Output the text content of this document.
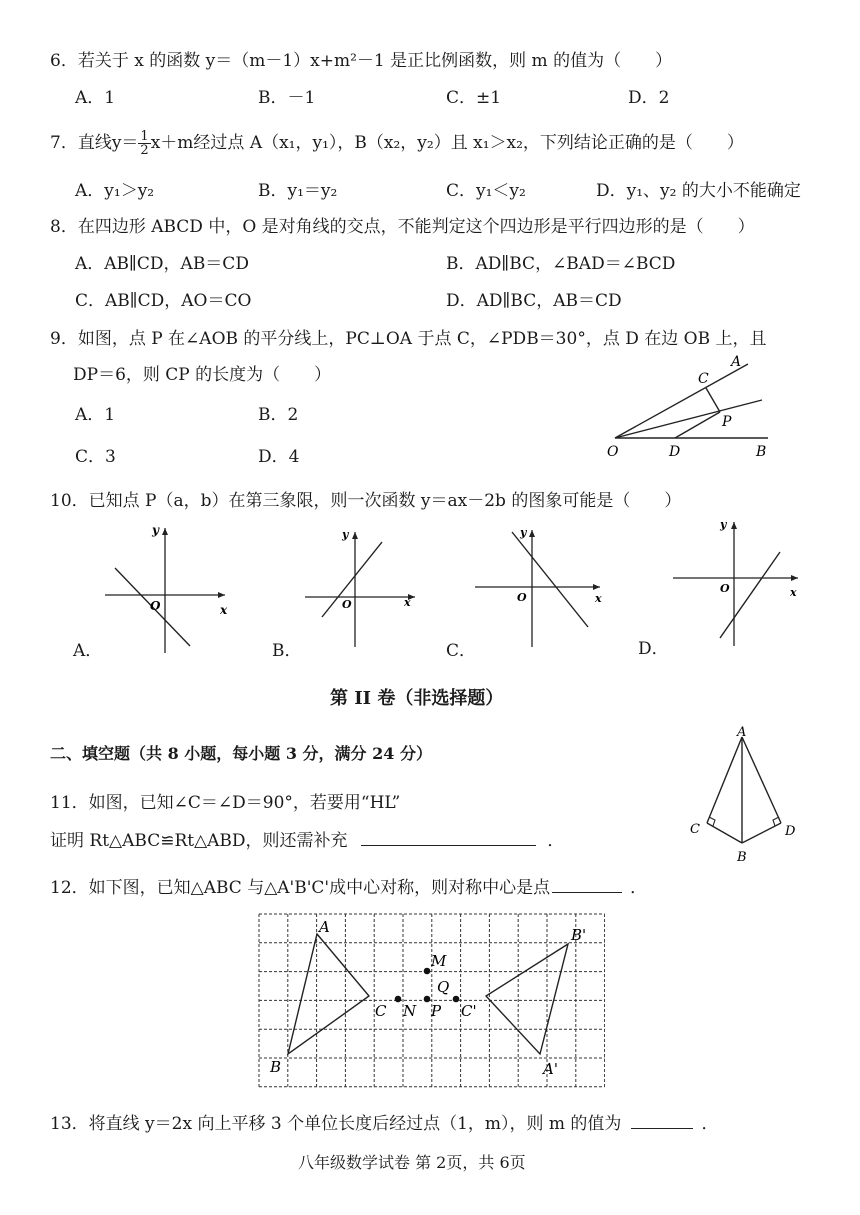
6．若关于 x 的函数 y＝（m－1）x+m²－1 是正比例函数，则 m 的值为（　　）
A．1	B．－1	C．±1	D．2
7．直线$y= \frac{1}{2} x+m$经过点 A（x₁，y₁），B（x₂，y₂）且 x₁＞x₂，下列结论正确的是（　　）
A．y₁＞y₂	B．y₁＝y₂	C．y₁＜y₂	D．y₁、y₂ 的大小不能确定
8．在四边形 ABCD 中，O 是对角线的交点，不能判定这个四边形是平行四边形的是（　　）
A．AB∥CD，AB＝CD	B．AD∥BC，∠BAD＝∠BCD
C．AB∥CD，AO＝CO	D．AD∥BC，AB＝CD
9．如图，点 P 在∠AOB 的平分线上，PC⊥OA 于点 C，∠PDB＝30°，点 D 在边 OB 上，且
DP＝6，则 CP 的长度为（　　）
A．1	B．2
C．3	D．4
A
C
P
O	D	B
10．已知点 P（a，b）在第三象限，则一次函数 y＝ax－2b 的图象可能是（　　）
x
y
O
A．
x
y
O
B．
x
y
O
C．
x
y
O
D．
第 II 卷（非选择题）
二、填空题（共 8 小题，每小题 3 分，满分 24 分）
11．如图，已知∠C＝∠D＝90°，若要用“HL”
证明 Rt△ABC≌Rt△ABD，则还需补充	．
A
C	D
B
12．如下图，已知△ABC 与△A'B'C'成中心对称，则对称中心是点	．
A	B'
M
Q
C N P C'
B	A'
13．将直线 y＝2x 向上平移 3 个单位长度后经过点（1，m），则 m 的值为	．
八年级数学试卷 第 2页，共 6页
